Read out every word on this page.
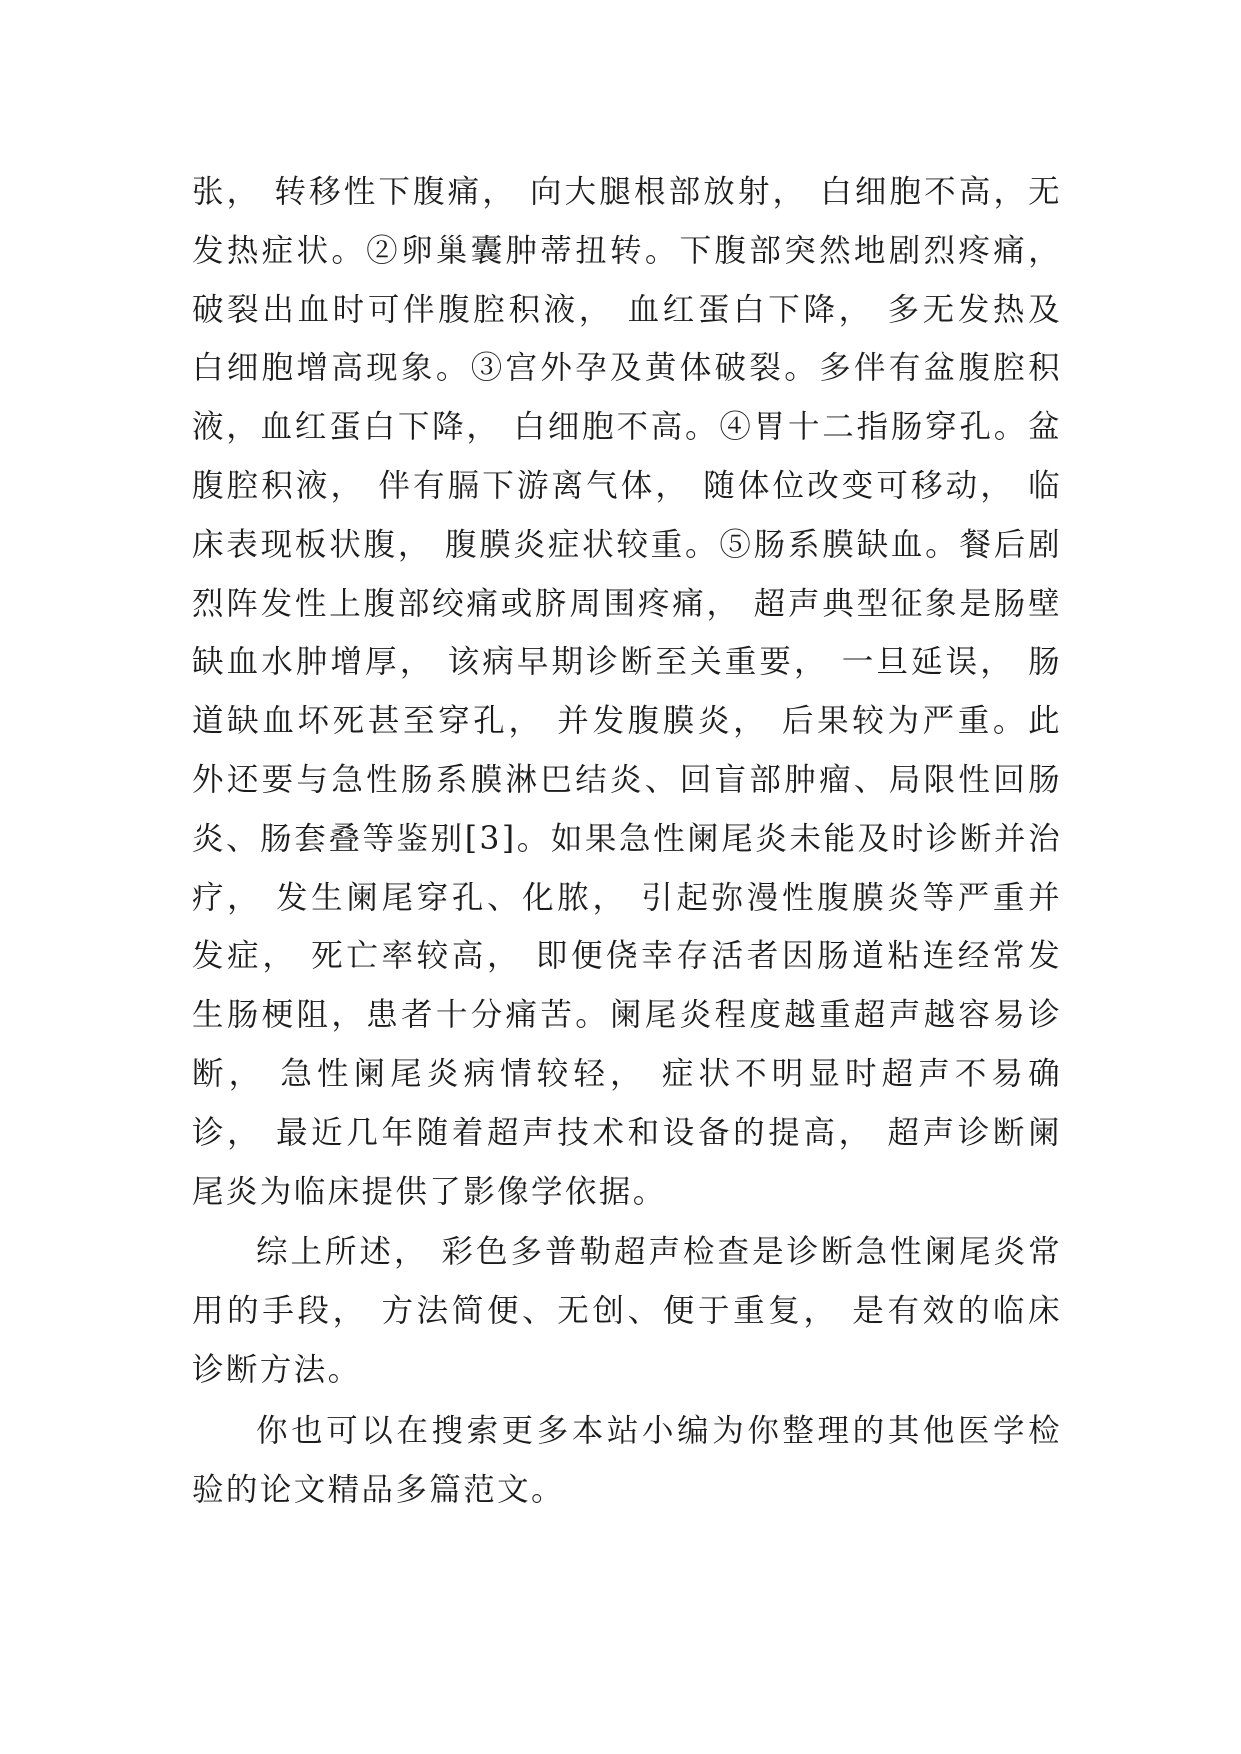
张， 转移性下腹痛， 向大腿根部放射， 白细胞不高，无发热症状。②卵巢囊肿蒂扭转。下腹部突然地剧烈疼痛，破裂出血时可伴腹腔积液， 血红蛋白下降， 多无发热及白细胞增高现象。③宫外孕及黄体破裂。多伴有盆腹腔积液，血红蛋白下降， 白细胞不高。④胃十二指肠穿孔。盆腹腔积液， 伴有膈下游离气体， 随体位改变可移动， 临床表现板状腹， 腹膜炎症状较重。⑤肠系膜缺血。餐后剧烈阵发性上腹部绞痛或脐周围疼痛， 超声典型征象是肠壁缺血水肿增厚， 该病早期诊断至关重要， 一旦延误， 肠道缺血坏死甚至穿孔， 并发腹膜炎， 后果较为严重。此外还要与急性肠系膜淋巴结炎、回盲部肿瘤、局限性回肠炎、肠套叠等鉴别[3]。如果急性阑尾炎未能及时诊断并治疗， 发生阑尾穿孔、化脓， 引起弥漫性腹膜炎等严重并发症， 死亡率较高， 即便侥幸存活者因肠道粘连经常发生肠梗阻，患者十分痛苦。阑尾炎程度越重超声越容易诊断， 急性阑尾炎病情较轻， 症状不明显时超声不易确诊， 最近几年随着超声技术和设备的提高， 超声诊断阑尾炎为临床提供了影像学依据。

综上所述， 彩色多普勒超声检查是诊断急性阑尾炎常用的手段， 方法简便、无创、便于重复， 是有效的临床诊断方法。

你也可以在搜索更多本站小编为你整理的其他医学检验的论文精品多篇范文。
